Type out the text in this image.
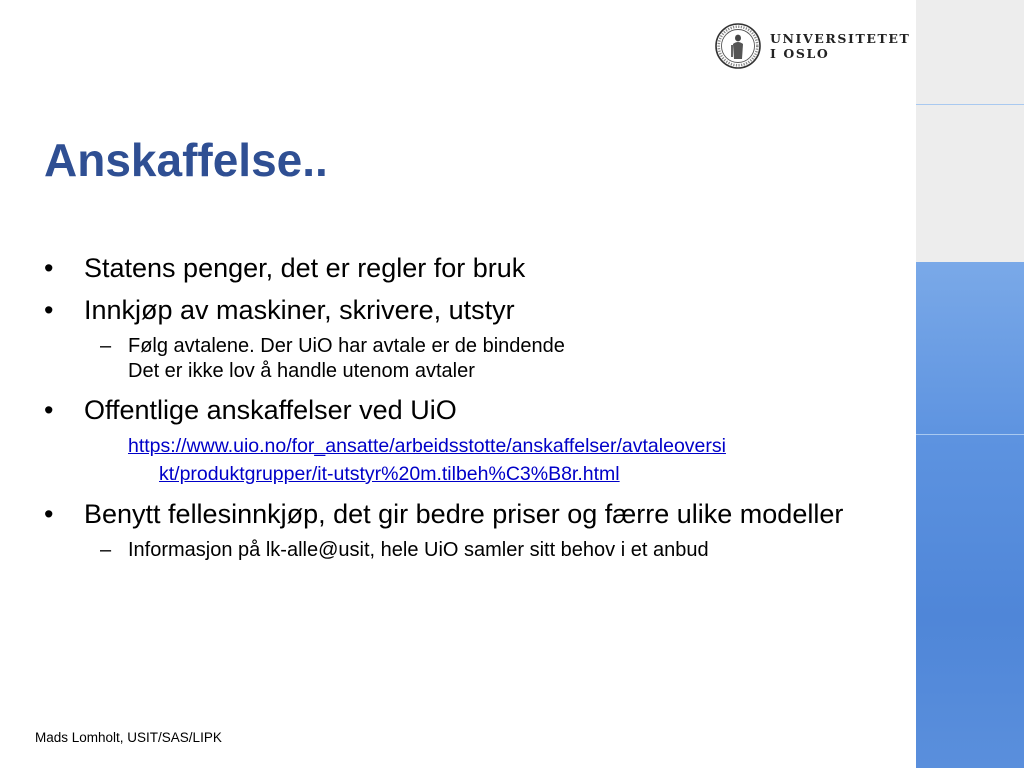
UNIVERSITETET
I OSLO
Anskaffelse..
• Statens penger, det er regler for bruk
• Innkjøp av maskiner, skrivere, utstyr
– Følg avtalene. Der UiO har avtale er de bindende
Det er ikke lov å handle utenom avtaler
• Offentlige anskaffelser ved UiO
https://www.uio.no/for_ansatte/arbeidsstotte/anskaffelser/avtaleoversi
kt/produktgrupper/it-utstyr%20m.tilbeh%C3%B8r.html
• Benytt fellesinnkjøp, det gir bedre priser og færre ulike modeller
– Informasjon på lk-alle@usit, hele UiO samler sitt behov i et anbud
Mads Lomholt, USIT/SAS/LIPK
